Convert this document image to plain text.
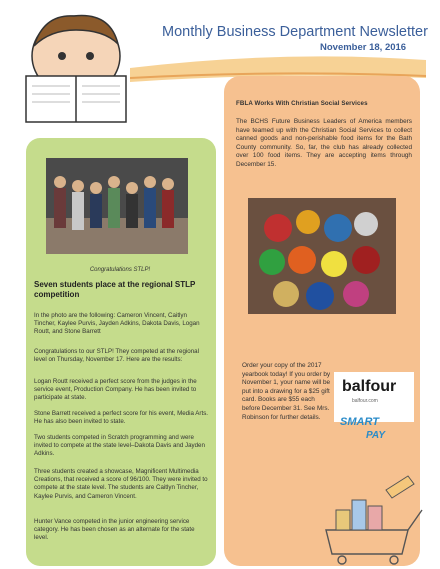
Monthly Business Department Newsletter
November 18, 2016
Congratulations STLP!
Seven students place at the regional STLP competition
In the photo are the following: Cameron Vincent, Caitlyn Tincher, Kaylee Purvis, Jayden Adkins, Dakota Davis, Logan Routt, and Stone Barrett
Congratulations to our STLP! They competed at the regional level on Thursday, November 17. Here are the results:
Logan Routt received a perfect score from the judges in the service event, Production Company. He has been invited to participate at state.
Stone Barrett received a perfect score for his event, Media Arts. He has also been invited to state.
Two students competed in Scratch programming and were invited to compete at the state level–Dakota Davis and Jayden Adkins.
Three students created a showcase, Magnificent Multimedia Creations, that received a score of 96/100. They were invited to compete at the state level. The students are Caitlyn Tincher, Kaylee Purvis, and Cameron Vincent.
Hunter Vance competed in the junior engineering service category. He has been chosen as an alternate for the state level.
FBLA Works With Christian Social Services
The BCHS Future Business Leaders of America members have teamed up with the Christian Social Services to collect canned goods and non-perishable food items for the Bath County community. So, far, the club has already collected over 100 food items. They are accepting items through December 15.
Order your copy of the 2017 yearbook today! If you order by November 1, your name will be put into a drawing for a $25 gift card. Books are $55 each before December 31. See Mrs. Robinson for further details.
balfour
balfour.com
SMART
PAY
